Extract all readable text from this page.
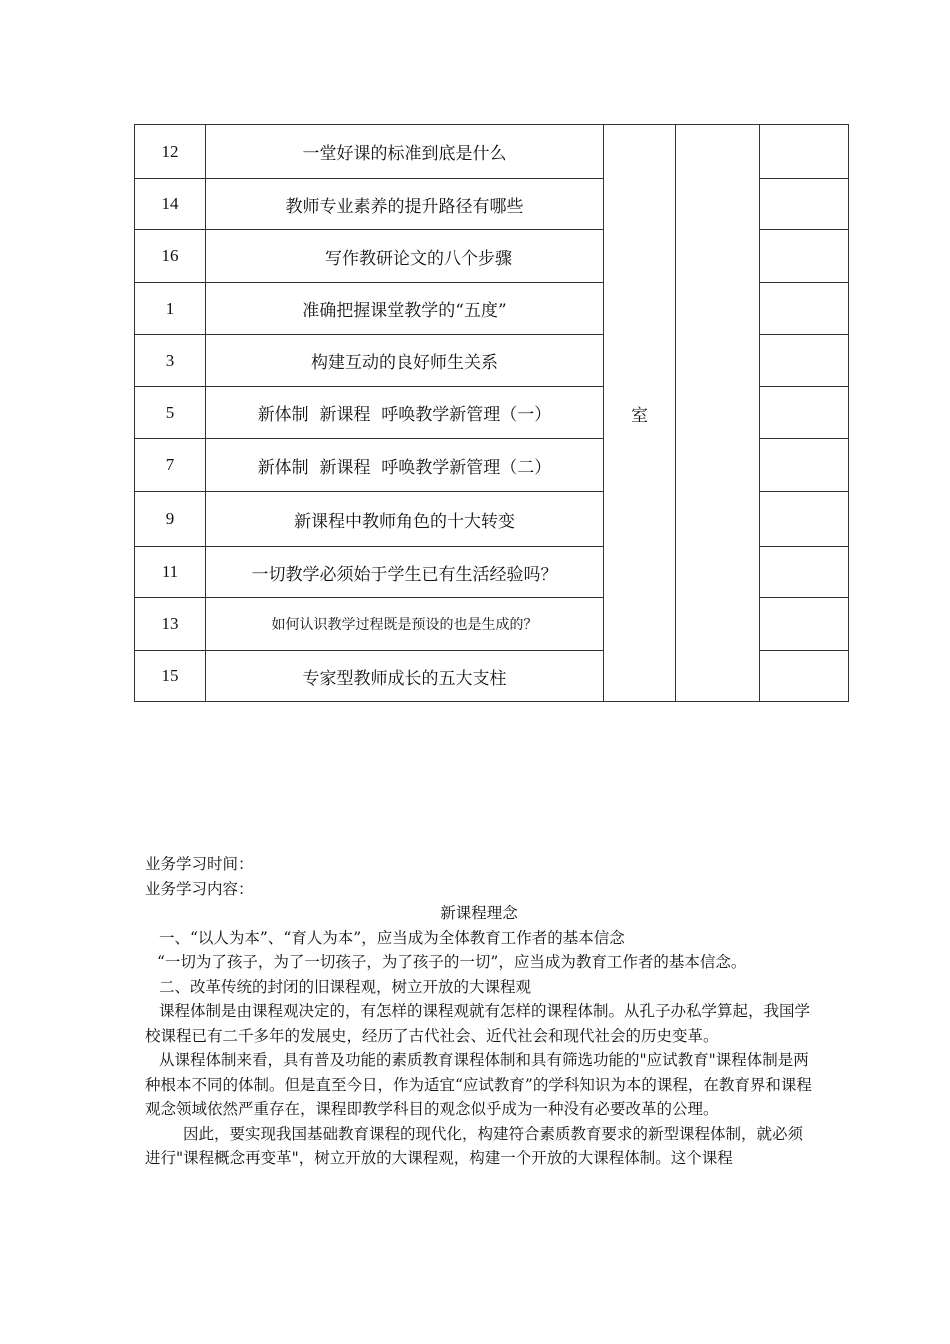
12	一堂好课的标准到底是什么	室		
14	教师专业素养的提升路径有哪些			
16	写作教研论文的八个步骤			
1	准确把握课堂教学的“五度”			
3	构建互动的良好师生关系			
5	新体制  新课程  呼唤教学新管理（一）			
7	新体制  新课程  呼唤教学新管理（二）			
9	新课程中教师角色的十大转变			
11	一切教学必须始于学生已有生活经验吗？			
13	如何认识教学过程既是预设的也是生成的？			
15	专家型教师成长的五大支柱			

业务学习时间：

业务学习内容：

新课程理念

一、“以人为本”、“育人为本”，应当成为全体教育工作者的基本信念

“一切为了孩子，为了一切孩子，为了孩子的一切”，应当成为教育工作者的基本信念。

二、改革传统的封闭的旧课程观，树立开放的大课程观

课程体制是由课程观决定的，有怎样的课程观就有怎样的课程体制。从孔子办私学算起，我国学校课程已有二千多年的发展史，经历了古代社会、近代社会和现代社会的历史变革。

从课程体制来看，具有普及功能的素质教育课程体制和具有筛选功能的"应试教育"课程体制是两种根本不同的体制。但是直至今日，作为适宜“应试教育”的学科知识为本的课程，在教育界和课程观念领域依然严重存在，课程即教学科目的观念似乎成为一种没有必要改革的公理。

因此，要实现我国基础教育课程的现代化，构建符合素质教育要求的新型课程体制，就必须进行"课程概念再变革"，树立开放的大课程观，构建一个开放的大课程体制。这个课程
